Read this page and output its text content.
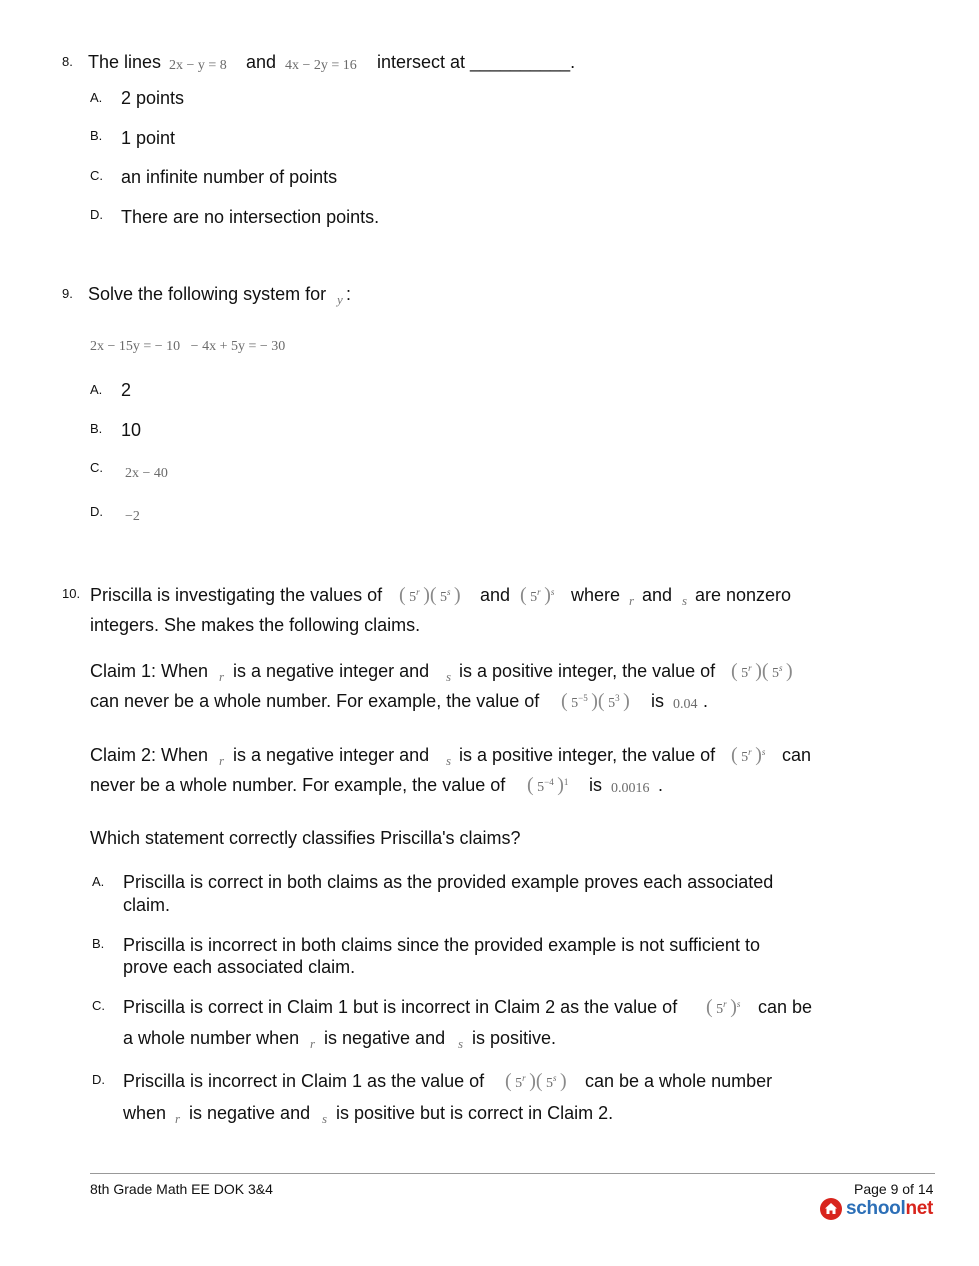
8. The lines 2x − y = 8 and 4x − 2y = 16 intersect at __________.
A. 2 points
B. 1 point
C. an infinite number of points
D. There are no intersection points.
9. Solve the following system for y :
2x − 15y = − 10   − 4x + 5y = − 30
A. 2
B. 10
C. 2x − 40
D. −2
10. Priscilla is investigating the values of ( 5$^r$ )( 5$^s$ ) and ( 5$^r$ )$^s$ where r and s are nonzero
integers. She makes the following claims.
Claim 1: When r is a negative integer and s is a positive integer, the value of ( 5$^r$ )( 5$^s$ )
can never be a whole number. For example, the value of ( $5^{-5}$ )( $5^3$ ) is 0.04 .
Claim 2: When r is a negative integer and s is a positive integer, the value of ( 5$^r$ )$^s$ can
never be a whole number. For example, the value of ( $5^{-4}$ )$^1$ is 0.0016 .
Which statement correctly classifies Priscilla's claims?
A. Priscilla is correct in both claims as the provided example proves each associated
claim.
B. Priscilla is incorrect in both claims since the provided example is not sufficient to
prove each associated claim.
C. Priscilla is correct in Claim 1 but is incorrect in Claim 2 as the value of ( 5$^r$ )$^s$ can be
a whole number when r is negative and s is positive.
D. Priscilla is incorrect in Claim 1 as the value of ( 5$^r$ )( 5$^s$ ) can be a whole number
when r is negative and s is positive but is correct in Claim 2.
8th Grade Math EE DOK 3&4	Page 9 of 14
schoolnet
